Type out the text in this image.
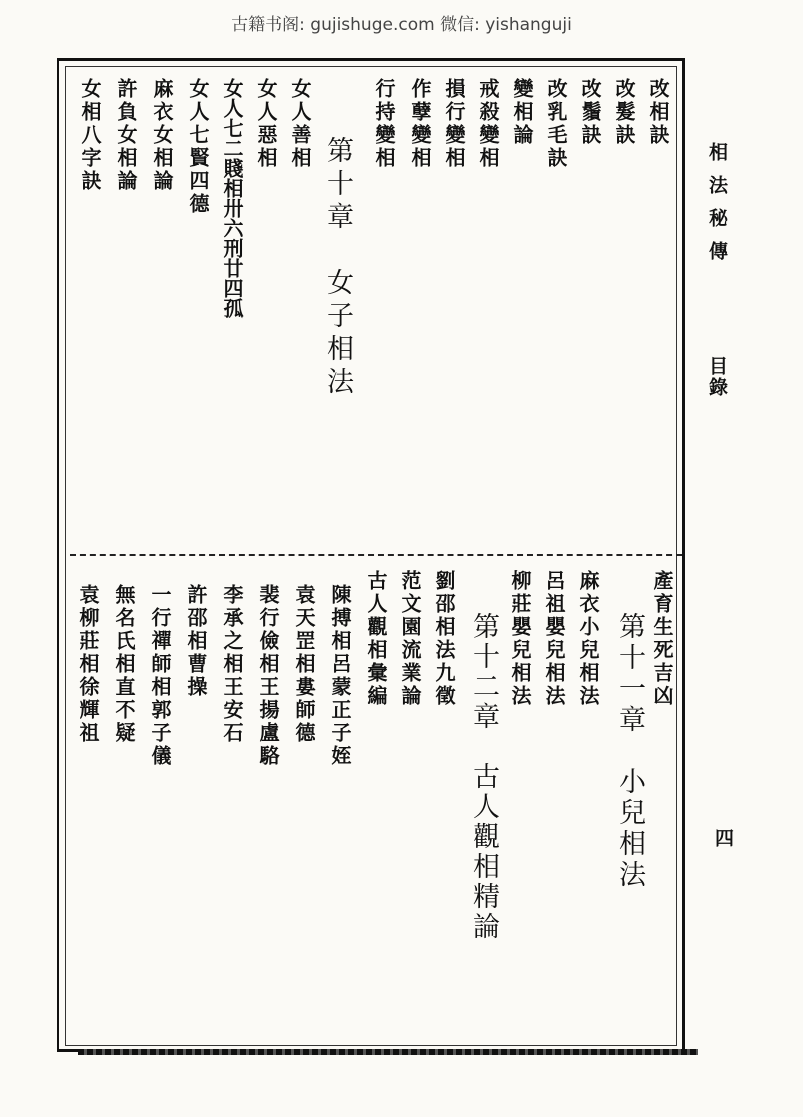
古籍书阁: gujishuge.com 微信: yishanguji
相法秘傳
目錄
四
改相訣
改髮訣
改鬚訣
改乳毛訣
變相論
戒殺變相
損行變相
作孽變相
行持變相
第十章　女子相法
女人善相
女人惡相
女人七二賤相卅六刑廿四孤
女人七賢四德
麻衣女相論
許負女相論
女相八字訣
產育生死吉凶
第十一章　小兒相法
麻衣小兒相法
呂祖嬰兒相法
柳莊嬰兒相法
第十二章　古人觀相精論
劉邵相法九徵
范文園流業論
古人觀相彙編
陳搏相呂蒙正子姪
袁天罡相婁師德
裴行儉相王揚盧駱
李承之相王安石
許邵相曹操
一行禪師相郭子儀
無名氏相直不疑
袁柳莊相徐輝祖
